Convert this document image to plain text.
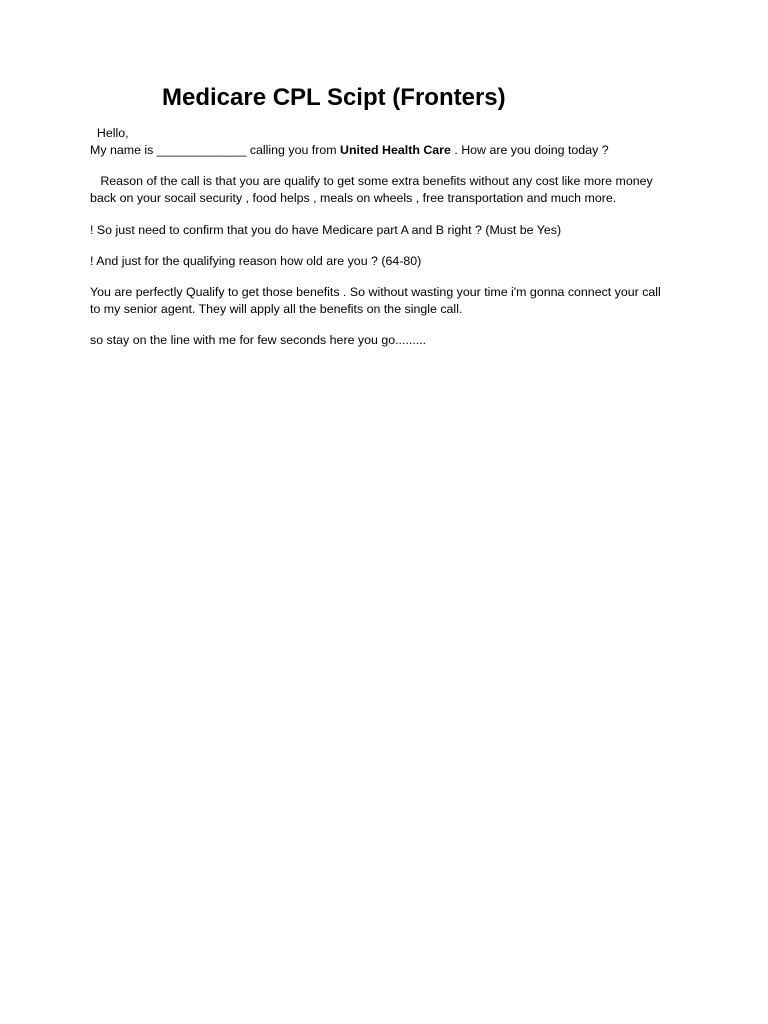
Medicare CPL Scipt (Fronters)

Hello,

My name is _____________ calling you from United Health Care . How are you doing today ?

Reason of the call is that you are qualify to get some extra benefits without any cost like more money
back on your socail security , food helps , meals on wheels , free transportation and much more.

! So just need to confirm that you do have Medicare part A and B right ? (Must be Yes)

! And just for the qualifying reason how old are you ? (64-80)

You are perfectly Qualify to get those benefits . So without wasting your time i'm gonna connect your call
to my senior agent. They will apply all the benefits on the single call.

so stay on the line with me for few seconds here you go.........
